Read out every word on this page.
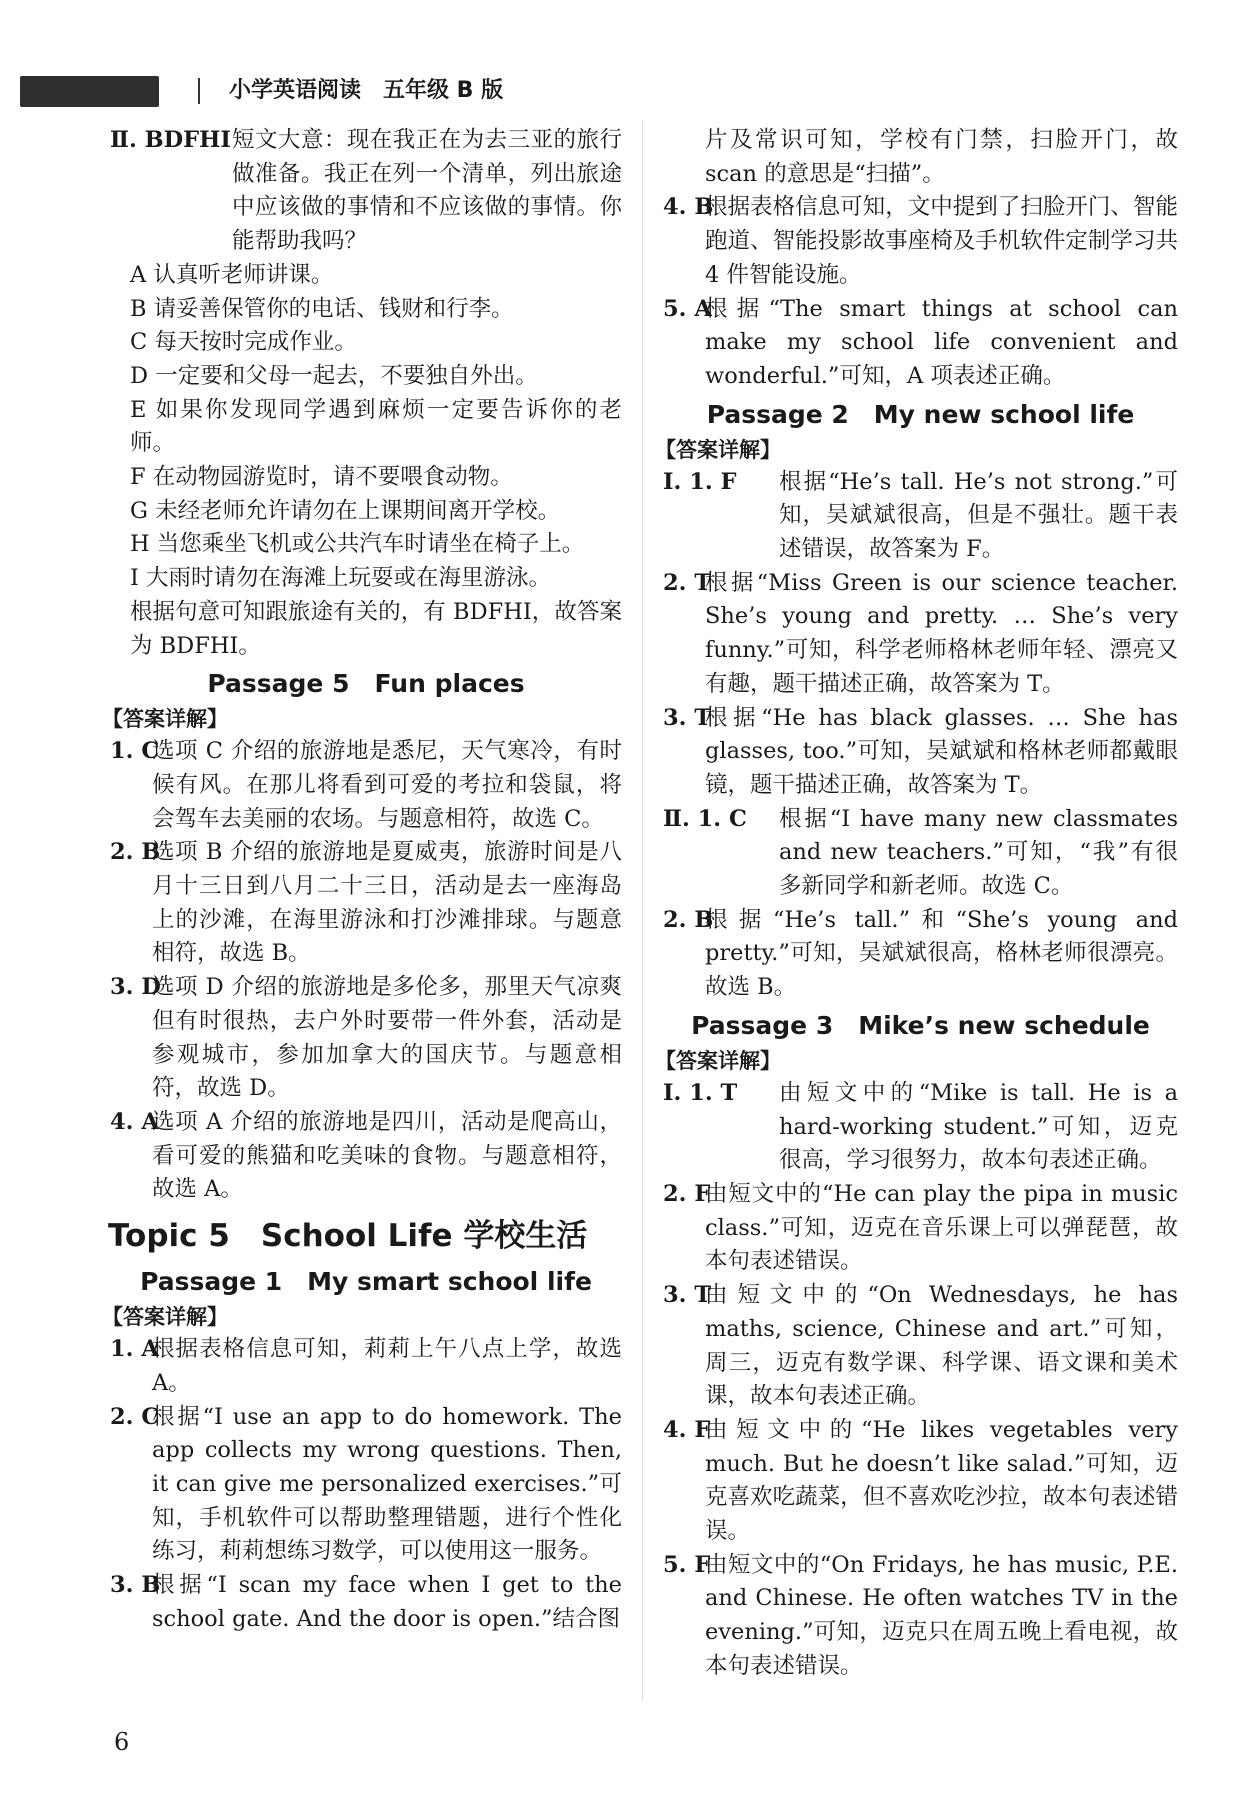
小学英语阅读　五年级 B 版
Ⅱ. BDFHI 短文大意：现在我正在为去三亚的旅行做准备。我正在列一个清单，列出旅途中应该做的事情和不应该做的事情。你能帮助我吗？
A 认真听老师讲课。
B 请妥善保管你的电话、钱财和行李。
C 每天按时完成作业。
D 一定要和父母一起去，不要独自外出。
E 如果你发现同学遇到麻烦一定要告诉你的老师。
F 在动物园游览时，请不要喂食动物。
G 未经老师允许请勿在上课期间离开学校。
H 当您乘坐飞机或公共汽车时请坐在椅子上。
I 大雨时请勿在海滩上玩耍或在海里游泳。
根据句意可知跟旅途有关的，有 BDFHI，故答案为 BDFHI。
Passage 5　Fun places
【答案详解】
1. C
选项 C 介绍的旅游地是悉尼，天气寒冷，有时候有风。在那儿将看到可爱的考拉和袋鼠，将会驾车去美丽的农场。与题意相符，故选 C。
2. B
选项 B 介绍的旅游地是夏威夷，旅游时间是八月十三日到八月二十三日，活动是去一座海岛上的沙滩，在海里游泳和打沙滩排球。与题意相符，故选 B。
3. D
选项 D 介绍的旅游地是多伦多，那里天气凉爽但有时很热，去户外时要带一件外套，活动是参观城市，参加加拿大的国庆节。与题意相符，故选 D。
4. A
选项 A 介绍的旅游地是四川，活动是爬高山，看可爱的熊猫和吃美味的食物。与题意相符，故选 A。
Topic 5　School Life 学校生活
Passage 1　My smart school life
【答案详解】
1. A
根据表格信息可知，莉莉上午八点上学，故选 A。
2. C
根据“I use an app to do homework. The app collects my wrong questions. Then, it can give me personalized exercises.”可知，手机软件可以帮助整理错题，进行个性化练习，莉莉想练习数学，可以使用这一服务。
3. B
根据“I scan my face when I get to the school gate. And the door is open.”结合图
片及常识可知，学校有门禁，扫脸开门，故 scan 的意思是“扫描”。
4. B
根据表格信息可知，文中提到了扫脸开门、智能跑道、智能投影故事座椅及手机软件定制学习共 4 件智能设施。
5. A
根据“The smart things at school can make my school life convenient and wonderful.”可知，A 项表述正确。
Passage 2　My new school life
【答案详解】
Ⅰ. 1. F 根据“He’s tall. He’s not strong.”可知，吴斌斌很高，但是不强壮。题干表述错误，故答案为 F。
2. T
根据“Miss Green is our science teacher. She’s young and pretty. … She’s very funny.”可知，科学老师格林老师年轻、漂亮又有趣，题干描述正确，故答案为 T。
3. T
根据“He has black glasses. … She has glasses, too.”可知，吴斌斌和格林老师都戴眼镜，题干描述正确，故答案为 T。
Ⅱ. 1. C 根据“I have many new classmates and new teachers.”可知，“我”有很多新同学和新老师。故选 C。
2. B
根据“He’s tall.”和“She’s young and pretty.”可知，吴斌斌很高，格林老师很漂亮。故选 B。
Passage 3　Mike’s new schedule
【答案详解】
Ⅰ. 1. T 由短文中的“Mike is tall. He is a hard-working student.”可知，迈克很高，学习很努力，故本句表述正确。
2. F
由短文中的“He can play the pipa in music class.”可知，迈克在音乐课上可以弹琵琶，故本句表述错误。
3. T
由短文中的“On Wednesdays, he has maths, science, Chinese and art.”可知，周三，迈克有数学课、科学课、语文课和美术课，故本句表述正确。
4. F
由短文中的“He likes vegetables very much. But he doesn’t like salad.”可知，迈克喜欢吃蔬菜，但不喜欢吃沙拉，故本句表述错误。
5. F
由短文中的“On Fridays, he has music, P.E. and Chinese. He often watches TV in the evening.”可知，迈克只在周五晚上看电视，故本句表述错误。
6
